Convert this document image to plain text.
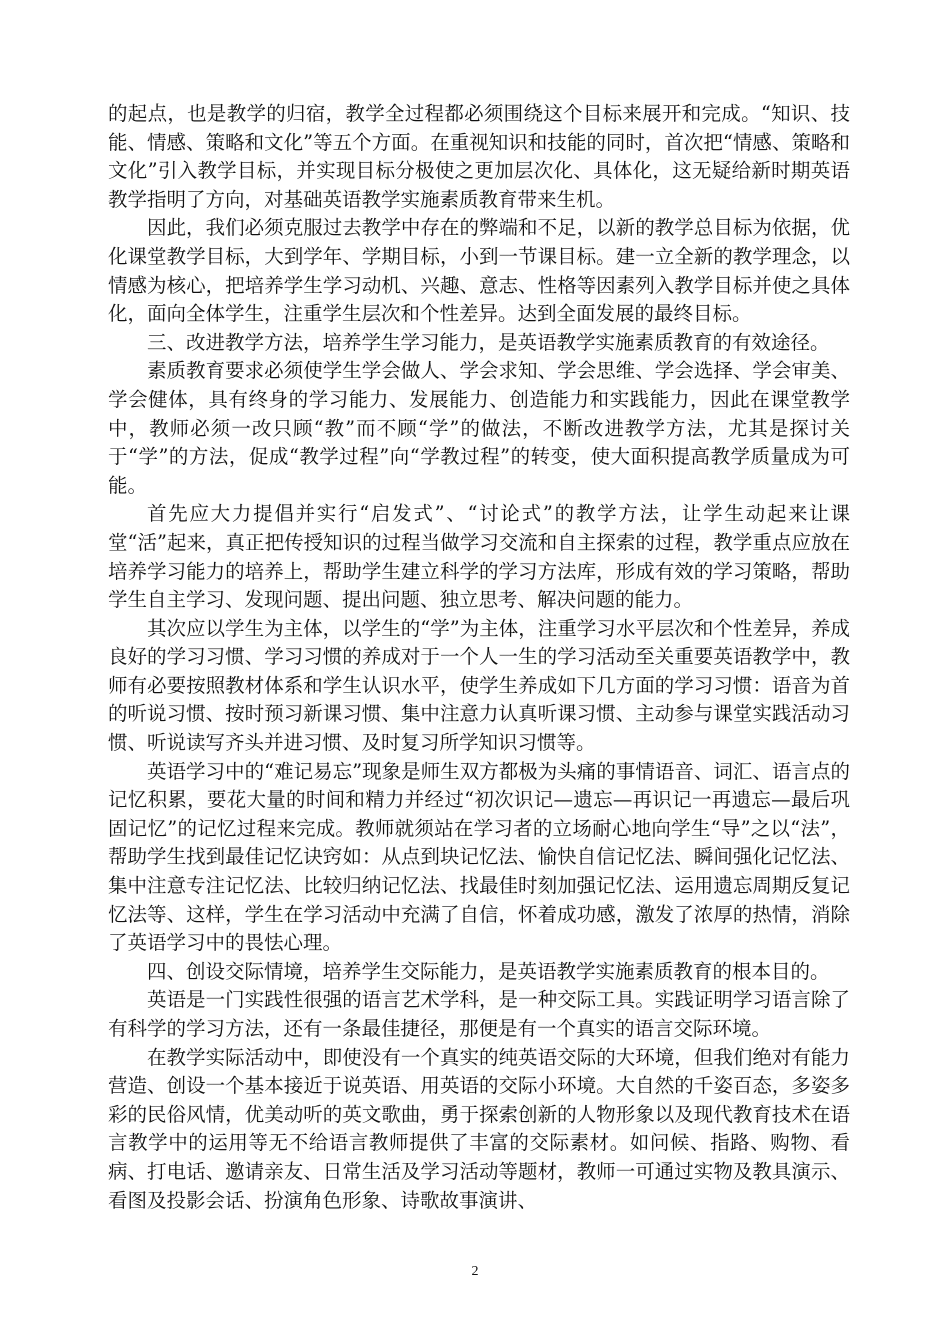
的起点，也是教学的归宿，教学全过程都必须围绕这个目标来展开和完成。“知识、技能、情感、策略和文化”等五个方面。在重视知识和技能的同时，首次把“情感、策略和文化”引入教学目标，并实现目标分极使之更加层次化、具体化，这无疑给新时期英语教学指明了方向，对基础英语教学实施素质教育带来生机。

因此，我们必须克服过去教学中存在的弊端和不足，以新的教学总目标为依据，优化课堂教学目标，大到学年、学期目标，小到一节课目标。建一立全新的教学理念，以情感为核心，把培养学生学习动机、兴趣、意志、性格等因素列入教学目标并使之具体化，面向全体学生，注重学生层次和个性差异。达到全面发展的最终目标。

三、改进教学方法，培养学生学习能力，是英语教学实施素质教育的有效途径。

素质教育要求必须使学生学会做人、学会求知、学会思维、学会选择、学会审美、学会健体，具有终身的学习能力、发展能力、创造能力和实践能力，因此在课堂教学中，教师必须一改只顾“教”而不顾“学”的做法，不断改进教学方法，尤其是探讨关于“学”的方法，促成“教学过程”向“学教过程”的转变，使大面积提高教学质量成为可能。

首先应大力提倡并实行“启发式”、“讨论式”的教学方法，让学生动起来让课堂“活”起来，真正把传授知识的过程当做学习交流和自主探索的过程，教学重点应放在培养学习能力的培养上，帮助学生建立科学的学习方法库，形成有效的学习策略，帮助学生自主学习、发现问题、提出问题、独立思考、解决问题的能力。

其次应以学生为主体，以学生的“学”为主体，注重学习水平层次和个性差异，养成良好的学习习惯、学习习惯的养成对于一个人一生的学习活动至关重要英语教学中，教师有必要按照教材体系和学生认识水平，使学生养成如下几方面的学习习惯：语音为首的听说习惯、按时预习新课习惯、集中注意力认真听课习惯、主动参与课堂实践活动习惯、听说读写齐头并进习惯、及时复习所学知识习惯等。

英语学习中的“难记易忘”现象是师生双方都极为头痛的事情语音、词汇、语言点的记忆积累，要花大量的时间和精力并经过“初次识记—遗忘—再识记一再遗忘—最后巩固记忆”的记忆过程来完成。教师就须站在学习者的立场耐心地向学生“导”之以“法”，帮助学生找到最佳记忆诀窍如：从点到块记忆法、愉快自信记忆法、瞬间强化记忆法、集中注意专注记忆法、比较归纳记忆法、找最佳时刻加强记忆法、运用遗忘周期反复记忆法等、这样，学生在学习活动中充满了自信，怀着成功感，激发了浓厚的热情，消除了英语学习中的畏怯心理。

四、创设交际情境，培养学生交际能力，是英语教学实施素质教育的根本目的。

英语是一门实践性很强的语言艺术学科，是一种交际工具。实践证明学习语言除了有科学的学习方法，还有一条最佳捷径，那便是有一个真实的语言交际环境。

在教学实际活动中，即使没有一个真实的纯英语交际的大环境，但我们绝对有能力营造、创设一个基本接近于说英语、用英语的交际小环境。大自然的千姿百态，多姿多彩的民俗风情，优美动听的英文歌曲，勇于探索创新的人物形象以及现代教育技术在语言教学中的运用等无不给语言教师提供了丰富的交际素材。如问候、指路、购物、看病、打电话、邀请亲友、日常生活及学习活动等题材，教师一可通过实物及教具演示、看图及投影会话、扮演角色形象、诗歌故事演讲、

2
